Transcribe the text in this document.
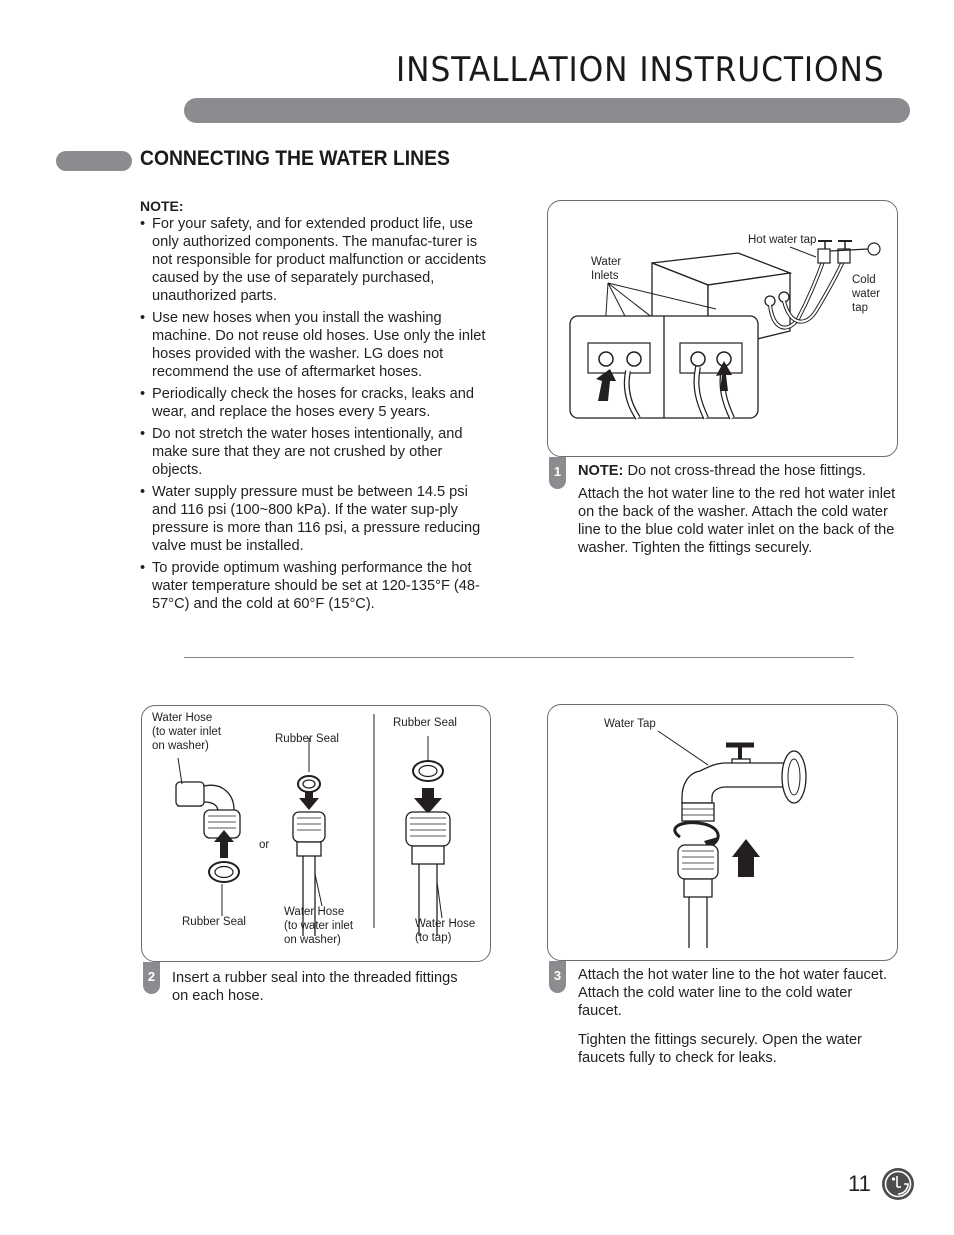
INSTALLATION INSTRUCTIONS
CONNECTING THE WATER LINES
NOTE:
• For your safety, and for extended product life, use only authorized components. The manufac-turer is not responsible for product malfunction or accidents caused by the use of separately purchased, unauthorized parts.
• Use new hoses when you install the washing machine. Do not reuse old hoses. Use only the inlet hoses provided with the washer. LG does not recommend the use of aftermarket hoses.
• Periodically check the hoses for cracks, leaks and wear, and replace the hoses every 5 years.
• Do not stretch the water hoses intentionally, and make sure that they are not crushed by other objects.
• Water supply pressure must be between 14.5 psi and 116 psi (100~800 kPa). If the water sup-ply pressure is more than 116 psi, a pressure reducing valve must be installed.
• To provide optimum washing performance the hot water temperature should be set at 120-135°F (48-57°C) and the cold at 60°F (15°C).
Hot water tap
Water
Inlets	Cold
water
tap
1	NOTE: Do not cross-thread the hose fittings.

Attach the hot water line to the red hot water inlet on the back of the washer. Attach the cold water line to the blue cold water inlet on the back of the washer. Tighten the fittings securely.

Water Hose
(to water inlet
on washer)
Rubber Seal
Rubber Seal
or
Rubber Seal
Water Hose
(to water inlet
on washer)
Water Hose
(to tap)
2	Insert a rubber seal into the threaded fittings on each hose.

Water Tap
3	Attach the hot water line to the hot water faucet. Attach the cold water line to the cold water faucet.

Tighten the fittings securely. Open the water faucets fully to check for leaks.

11
